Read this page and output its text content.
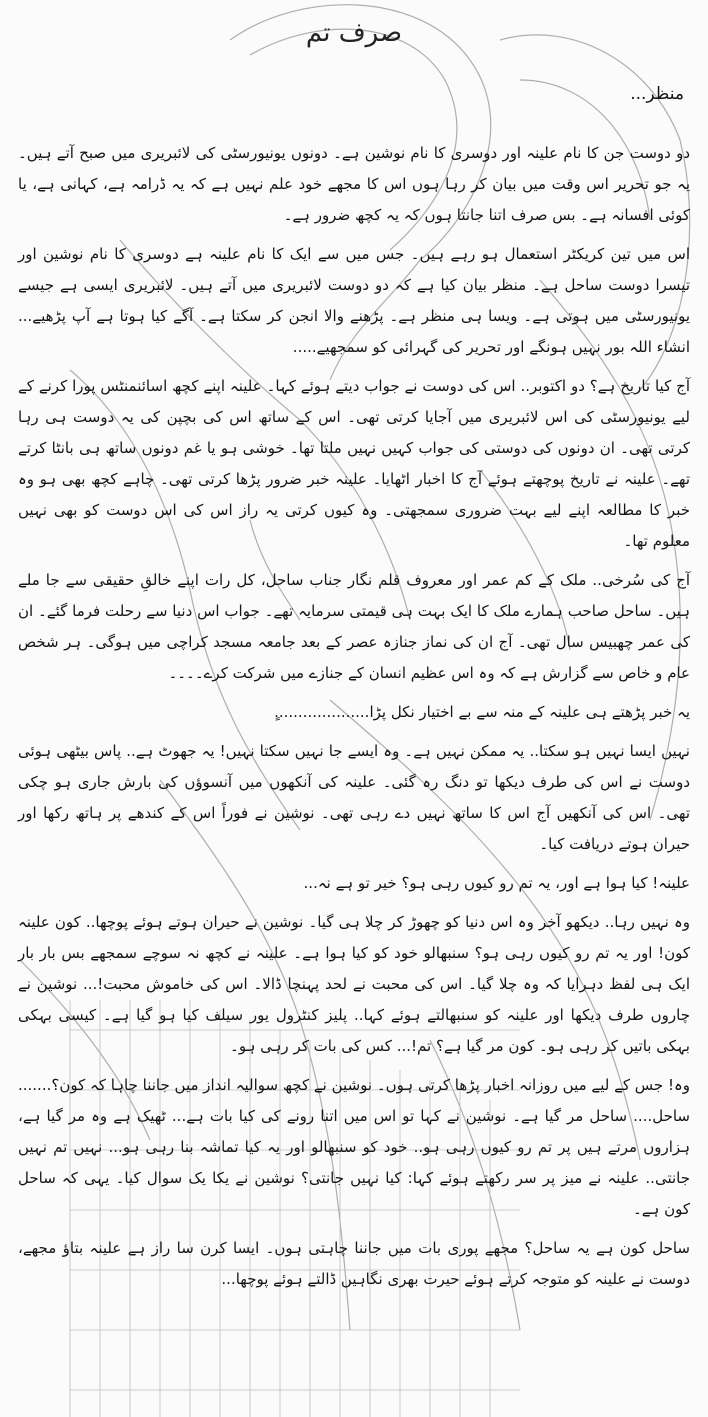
صرف تم
منظر...

دو دوست جن کا نام علینہ اور دوسری کا نام نوشین ہے۔ دونوں یونیورسٹی کی لائبریری میں صبح آتے ہیں۔ یہ جو تحریر اس وقت میں بیان کر رہا ہوں اس کا مجھے خود علم نہیں ہے کہ یہ ڈرامہ ہے، کہانی ہے، یا کوئی افسانہ ہے۔ بس صرف اتنا جانتا ہوں کہ یہ کچھ ضرور ہے۔

اس میں تین کریکٹر استعمال ہو رہے ہیں۔ جس میں سے ایک کا نام علینہ ہے دوسری کا نام نوشین اور تیسرا دوست ساحل ہے۔ منظر بیان کیا ہے کہ دو دوست لائبریری میں آتے ہیں۔ لائبریری ایسی ہے جیسے یونیورسٹی میں ہوتی ہے۔ ویسا ہی منظر ہے۔ پڑھنے والا انجن کر سکتا ہے۔ آگے کیا ہوتا ہے آپ پڑھیے... انشاء اللہ بور نہیں ہونگے اور تحریر کی گہرائی کو سمجھیے.....

آج کیا تاریخ ہے؟ دو اکتوبر.. اس کی دوست نے جواب دیتے ہوئے کہا۔ علینہ اپنے کچھ اسائنمنٹس پورا کرنے کے لیے یونیورسٹی کی اس لائبریری میں آجایا کرتی تھی۔ اس کے ساتھ اس کی بچپن کی یہ دوست ہی رہا کرتی تھی۔ ان دونوں کی دوستی کی جواب کہیں نہیں ملتا تھا۔ خوشی ہو یا غم دونوں ساتھ ہی بانٹا کرتے تھے۔ علینہ نے تاریخ پوچھتے ہوئے آج کا اخبار اٹھایا۔ علینہ خبر ضرور پڑھا کرتی تھی۔ چاہے کچھ بھی ہو وہ خبر کا مطالعہ اپنے لیے بہت ضروری سمجھتی۔ وہ کیوں کرتی یہ راز اس کی اس دوست کو بھی نہیں معلوم تھا۔

آج کی سُرخی.. ملک کے کم عمر اور معروف قلم نگار جناب ساحل، کل رات اپنے خالقِ حقیقی سے جا ملے ہیں۔ ساحل صاحب ہمارے ملک کا ایک بہت ہی قیمتی سرمایہ تھے۔ جواب اس دنیا سے رحلت فرما گئے۔ ان کی عمر چھبیس سال تھی۔ آج ان کی نماز جنازہ عصر کے بعد جامعہ مسجد کراچی میں ہوگی۔ ہر شخص عام و خاص سے گزارش ہے کہ وہ اس عظیم انسان کے جنازے میں شرکت کرے۔۔۔۔

یہ خبر پڑھتے ہی علینہ کے منہ سے بے اختیار نکل پڑا....................ٍ

نہیں ایسا نہیں ہو سکتا.. یہ ممکن نہیں ہے۔ وہ ایسے جا نہیں سکتا نہیں! یہ جھوٹ ہے.. پاس بیٹھی ہوئی دوست نے اس کی طرف دیکھا تو دنگ رہ گئی۔ علینہ کی آنکھوں میں آنسوؤں کی بارش جاری ہو چکی تھی۔ اس کی آنکھیں آج اس کا ساتھ نہیں دے رہی تھی۔ نوشین نے فوراً اس کے کندھے پر ہاتھ رکھا اور حیران ہوتے دریافت کیا۔

علینہ! کیا ہوا ہے اور، یہ تم رو کیوں رہی ہو؟ خیر تو ہے نہ...

وہ نہیں رہا.. دیکھو آخر وہ اس دنیا کو چھوڑ کر چلا ہی گیا۔ نوشین نے حیران ہوتے ہوئے پوچھا.. کون علینہ کون! اور یہ تم رو کیوں رہی ہو؟ سنبھالو خود کو کیا ہوا ہے۔ علینہ نے کچھ نہ سوچے سمجھے بس بار بار ایک ہی لفظ دہرایا کہ وہ چلا گیا۔ اس کی محبت نے لحد پہنچا ڈالا۔ اس کی خاموش محبت!... نوشین نے چاروں طرف دیکھا اور علینہ کو سنبھالتے ہوئے کہا.. پلیز کنٹرول یور سیلف کیا ہو گیا ہے۔ کیسی بہکی بہکی باتیں کر رہی ہو۔ کون مر گیا ہے؟ تم!... کس کی بات کر رہی ہو۔

وہ! جس کے لیے میں روزانہ اخبار پڑھا کرتی ہوں۔ نوشین نے کچھ سوالیہ انداز میں جاننا چاہا کہ کون؟....... ساحل.... ساحل مر گیا ہے۔ نوشین نے کہا تو اس میں اتنا رونے کی کیا بات ہے... ٹھیک ہے وہ مر گیا ہے، ہزاروں مرتے ہیں پر تم رو کیوں رہی ہو.. خود کو سنبھالو اور یہ کیا تماشہ بنا رہی ہو... نہیں تم نہیں جانتی.. علینہ نے میز پر سر رکھتے ہوئے کہا: کیا نہیں جانتی؟ نوشین نے یکا یک سوال کیا۔ یہی کہ ساحل کون ہے۔

ساحل کون ہے یہ ساحل؟ مجھے پوری بات میں جاننا چاہتی ہوں۔ ایسا کرن سا راز ہے علینہ بتاؤ مجھے، دوست نے علینہ کو متوجہ کرتے ہوئے حیرت بھری نگاہیں ڈالتے ہوئے پوچھا...
